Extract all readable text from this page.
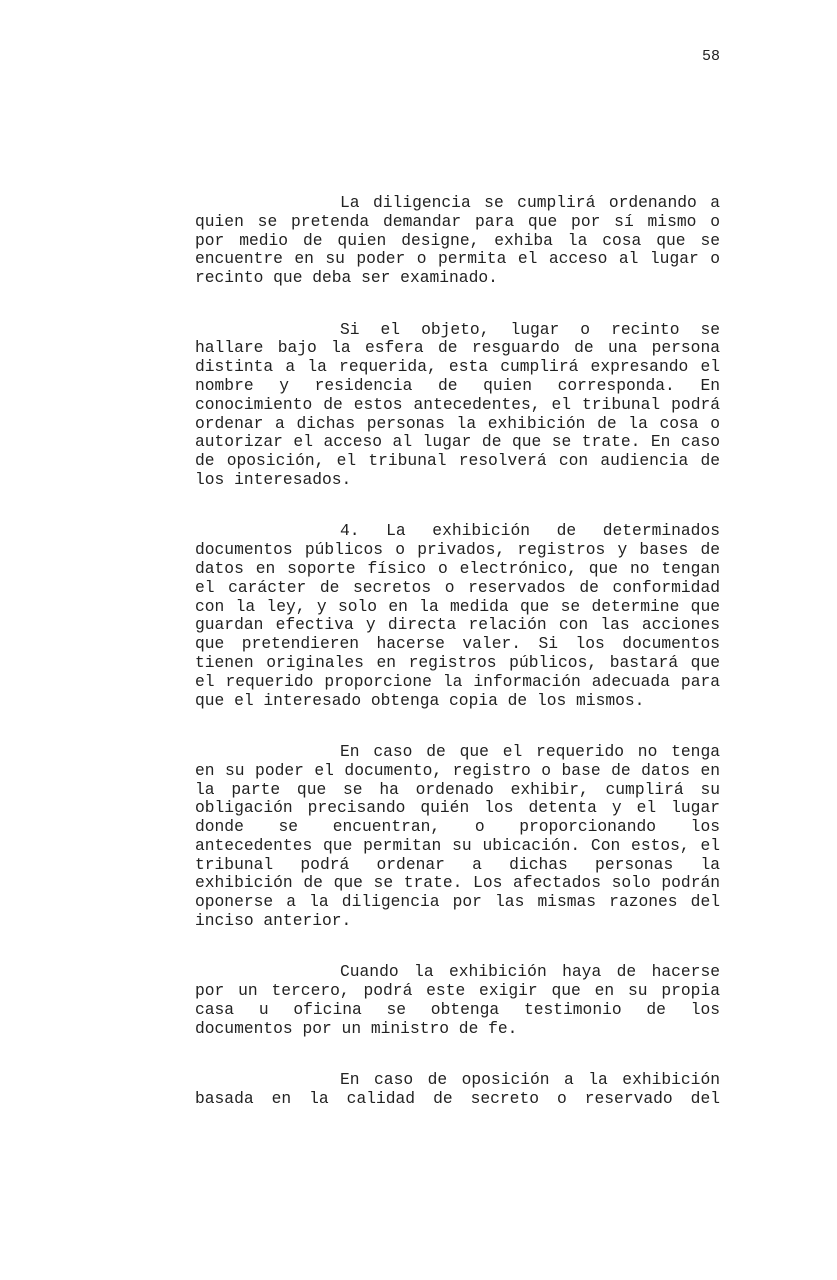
58
La diligencia se cumplirá ordenando a
quien se pretenda demandar para que por sí mismo o
por medio de quien designe, exhiba la cosa que se
encuentre en su poder o permita el acceso al lugar o
recinto que deba ser examinado.
Si el objeto, lugar o recinto se
hallare bajo la esfera de resguardo de una persona
distinta a la requerida, esta cumplirá expresando el
nombre y residencia de quien corresponda. En
conocimiento de estos antecedentes, el tribunal podrá
ordenar a dichas personas la exhibición de la cosa o
autorizar el acceso al lugar de que se trate. En caso
de oposición, el tribunal resolverá con audiencia de
los interesados.
4. La exhibición de determinados
documentos públicos o privados, registros y bases de
datos en soporte físico o electrónico, que no tengan
el carácter de secretos o reservados de conformidad
con la ley, y solo en la medida que se determine que
guardan efectiva y directa relación con las acciones
que pretendieren hacerse valer. Si los documentos
tienen originales en registros públicos, bastará que
el requerido proporcione la información adecuada para
que el interesado obtenga copia de los mismos.
En caso de que el requerido no tenga
en su poder el documento, registro o base de datos en
la parte que se ha ordenado exhibir, cumplirá su
obligación precisando quién los detenta y el lugar
donde se encuentran, o proporcionando los
antecedentes que permitan su ubicación. Con estos, el
tribunal podrá ordenar a dichas personas la
exhibición de que se trate. Los afectados solo podrán
oponerse a la diligencia por las mismas razones del
inciso anterior.
Cuando la exhibición haya de hacerse
por un tercero, podrá este exigir que en su propia
casa u oficina se obtenga testimonio de los
documentos por un ministro de fe.
En caso de oposición a la exhibición
basada en la calidad de secreto o reservado del
